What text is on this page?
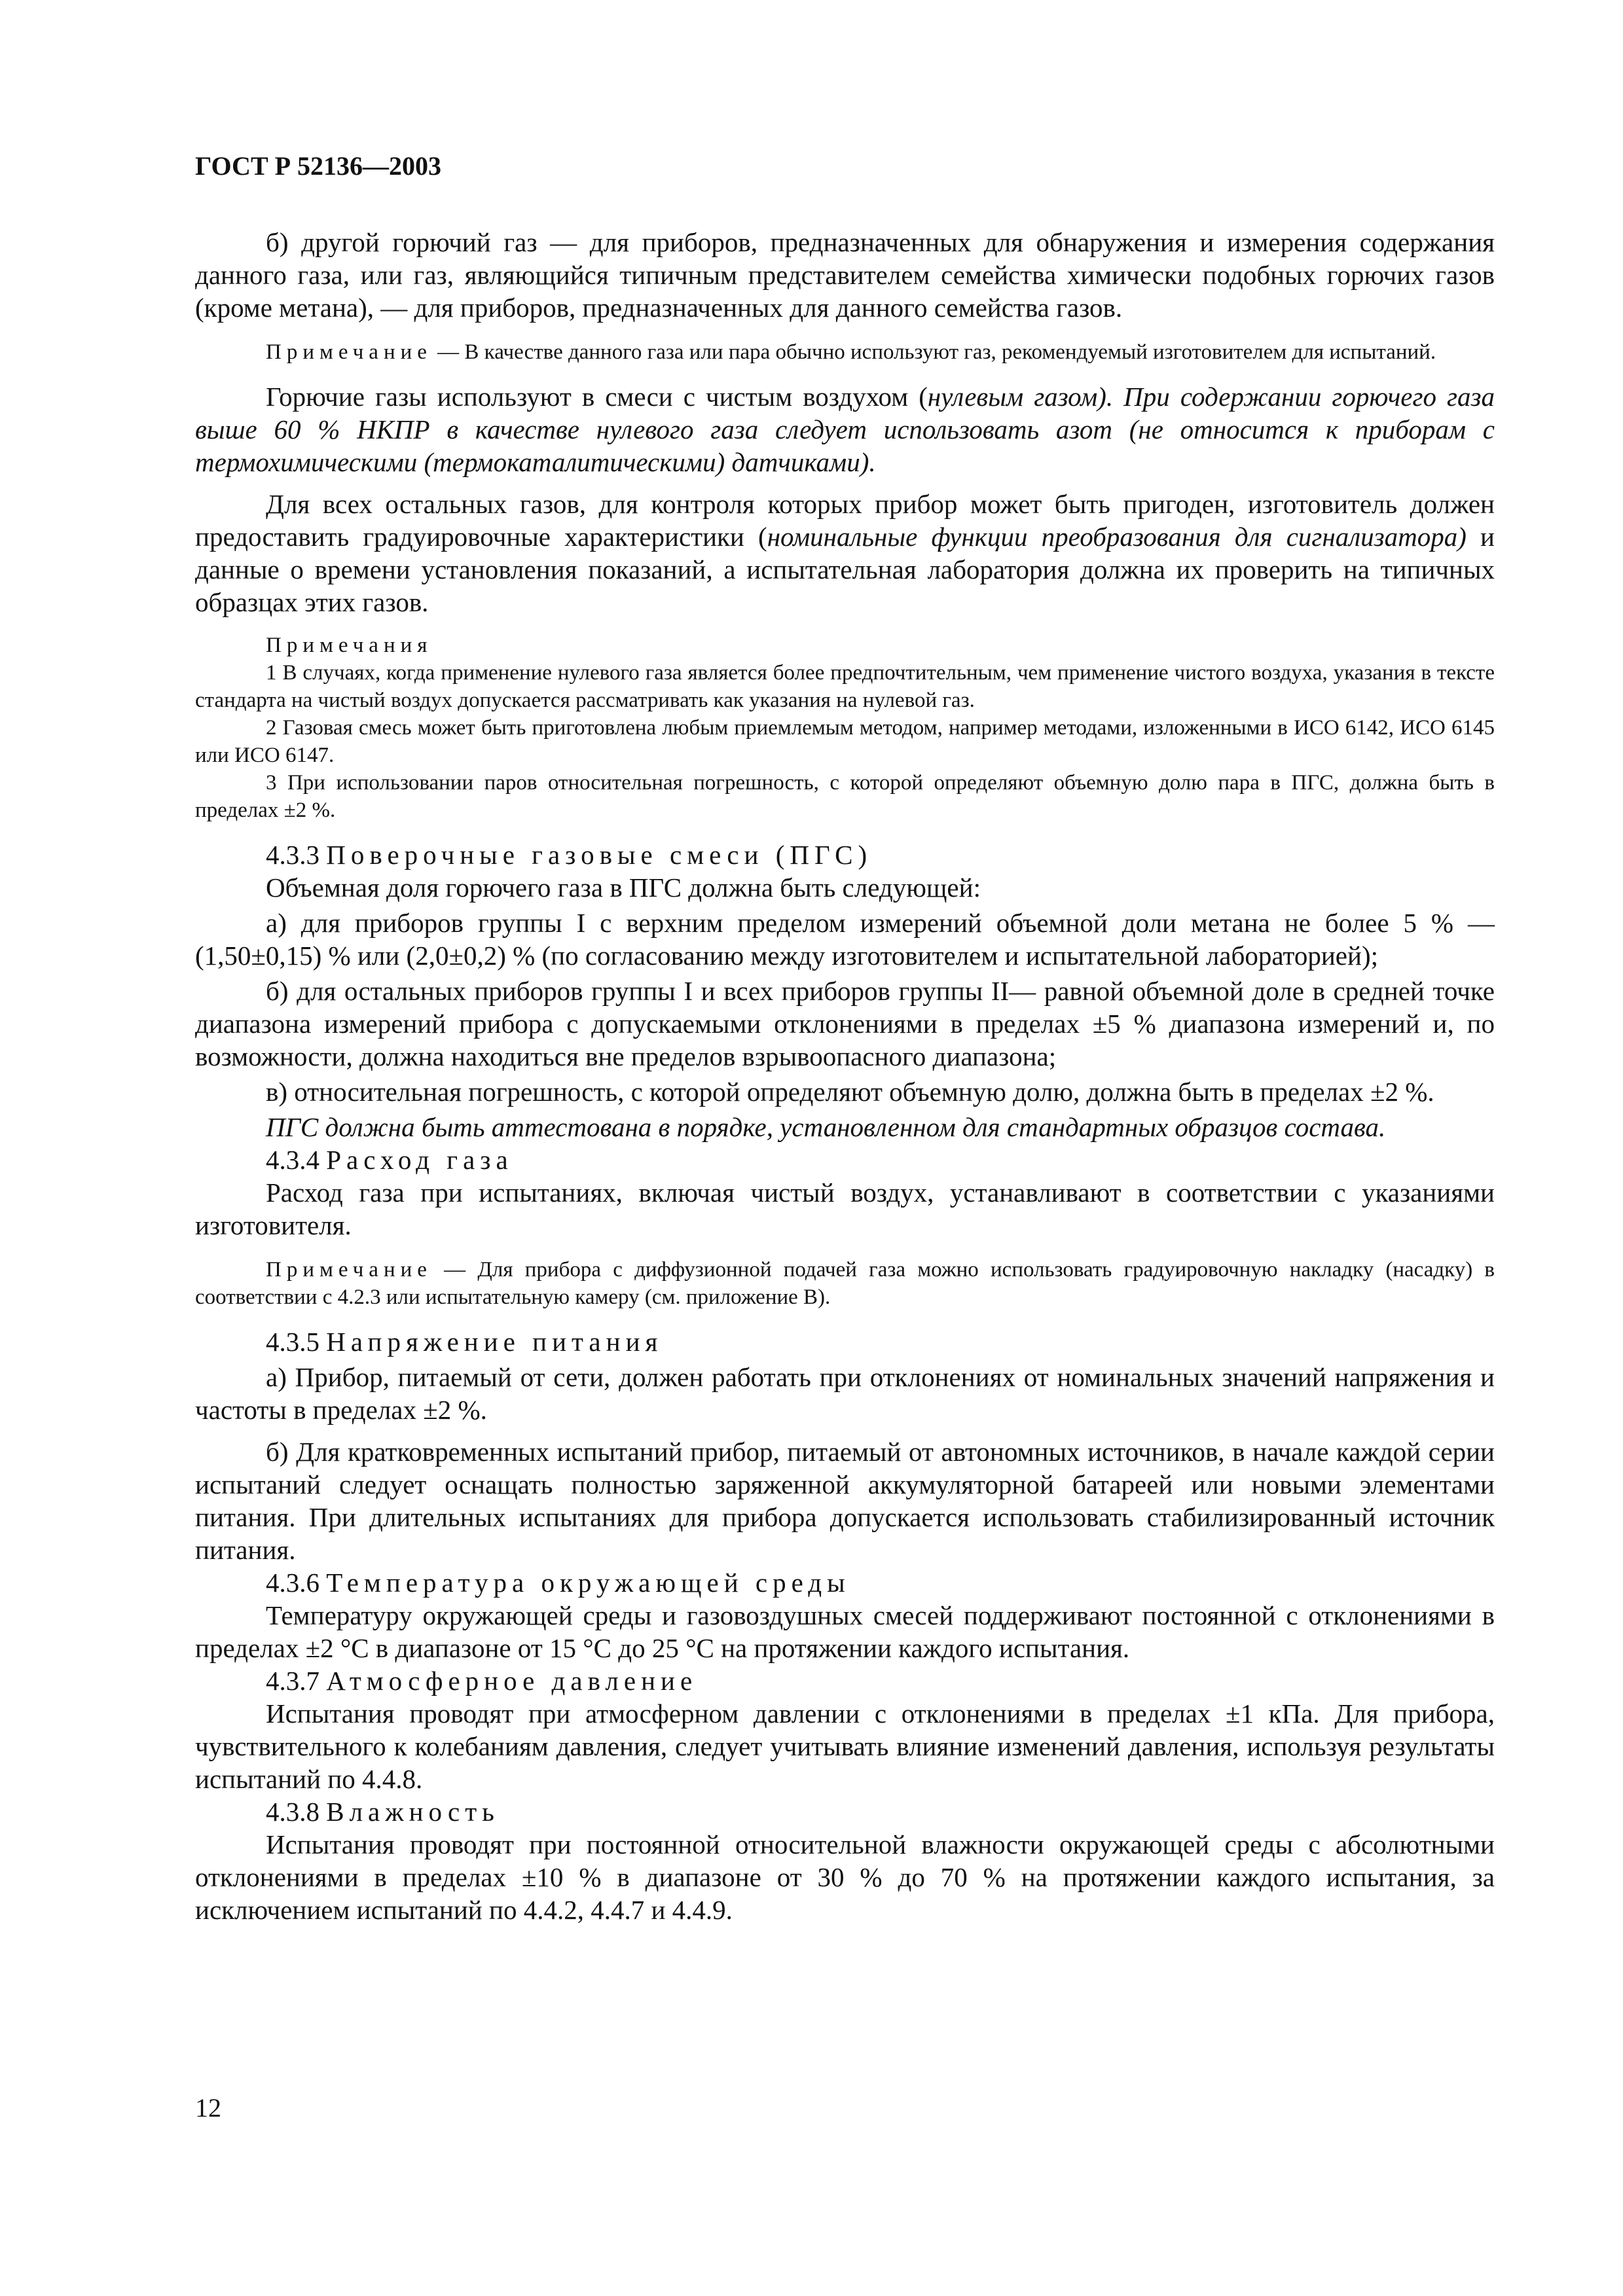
ГОСТ Р 52136—2003

б) другой горючий газ — для приборов, предназначенных для обнаружения и измерения содержания данного газа, или газ, являющийся типичным представителем семейства химически подобных горючих газов (кроме метана), — для приборов, предназначенных для данного семейства газов.

Примечание — В качестве данного газа или пара обычно используют газ, рекомендуемый изготовителем для испытаний.

Горючие газы используют в смеси с чистым воздухом (нулевым газом). При содержании горючего газа выше 60 % НКПР в качестве нулевого газа следует использовать азот (не относится к приборам с термохимическими (термокаталитическими) датчиками).

Для всех остальных газов, для контроля которых прибор может быть пригоден, изготовитель должен предоставить градуировочные характеристики (номинальные функции преобразования для сигнализатора) и данные о времени установления показаний, а испытательная лаборатория должна их проверить на типичных образцах этих газов.

Примечания

1 В случаях, когда применение нулевого газа является более предпочтительным, чем применение чистого воздуха, указания в тексте стандарта на чистый воздух допускается рассматривать как указания на нулевой газ.

2 Газовая смесь может быть приготовлена любым приемлемым методом, например методами, изложенными в ИСО 6142, ИСО 6145 или ИСО 6147.

3 При использовании паров относительная погрешность, с которой определяют объемную долю пара в ПГС, должна быть в пределах ±2 %.

4.3.3 Поверочные газовые смеси (ПГС)

Объемная доля горючего газа в ПГС должна быть следующей:

а) для приборов группы I с верхним пределом измерений объемной доли метана не более 5 % — (1,50±0,15) % или (2,0±0,2) % (по согласованию между изготовителем и испытательной лабораторией);

б) для остальных приборов группы I и всех приборов группы II— равной объемной доле в средней точке диапазона измерений прибора с допускаемыми отклонениями в пределах ±5 % диапазона измерений и, по возможности, должна находиться вне пределов взрывоопасного диапазона;

в) относительная погрешность, с которой определяют объемную долю, должна быть в пределах ±2 %.

ПГС должна быть аттестована в порядке, установленном для стандартных образцов состава.

4.3.4 Расход газа

Расход газа при испытаниях, включая чистый воздух, устанавливают в соответствии с указаниями изготовителя.

Примечание — Для прибора с диффузионной подачей газа можно использовать градуировочную накладку (насадку) в соответствии с 4.2.3 или испытательную камеру (см. приложение В).

4.3.5 Напряжение питания

а) Прибор, питаемый от сети, должен работать при отклонениях от номинальных значений напряжения и частоты в пределах ±2 %.

б) Для кратковременных испытаний прибор, питаемый от автономных источников, в начале каждой серии испытаний следует оснащать полностью заряженной аккумуляторной батареей или новыми элементами питания. При длительных испытаниях для прибора допускается использовать стабилизированный источник питания.

4.3.6 Температура окружающей среды

Температуру окружающей среды и газовоздушных смесей поддерживают постоянной с отклонениями в пределах ±2 °С в диапазоне от 15 °С до 25 °С на протяжении каждого испытания.

4.3.7 Атмосферное давление

Испытания проводят при атмосферном давлении с отклонениями в пределах ±1 кПа. Для прибора, чувствительного к колебаниям давления, следует учитывать влияние изменений давления, используя результаты испытаний по 4.4.8.

4.3.8 Влажность

Испытания проводят при постоянной относительной влажности окружающей среды с абсолютными отклонениями в пределах ±10 % в диапазоне от 30 % до 70 % на протяжении каждого испытания, за исключением испытаний по 4.4.2, 4.4.7 и 4.4.9.

12
